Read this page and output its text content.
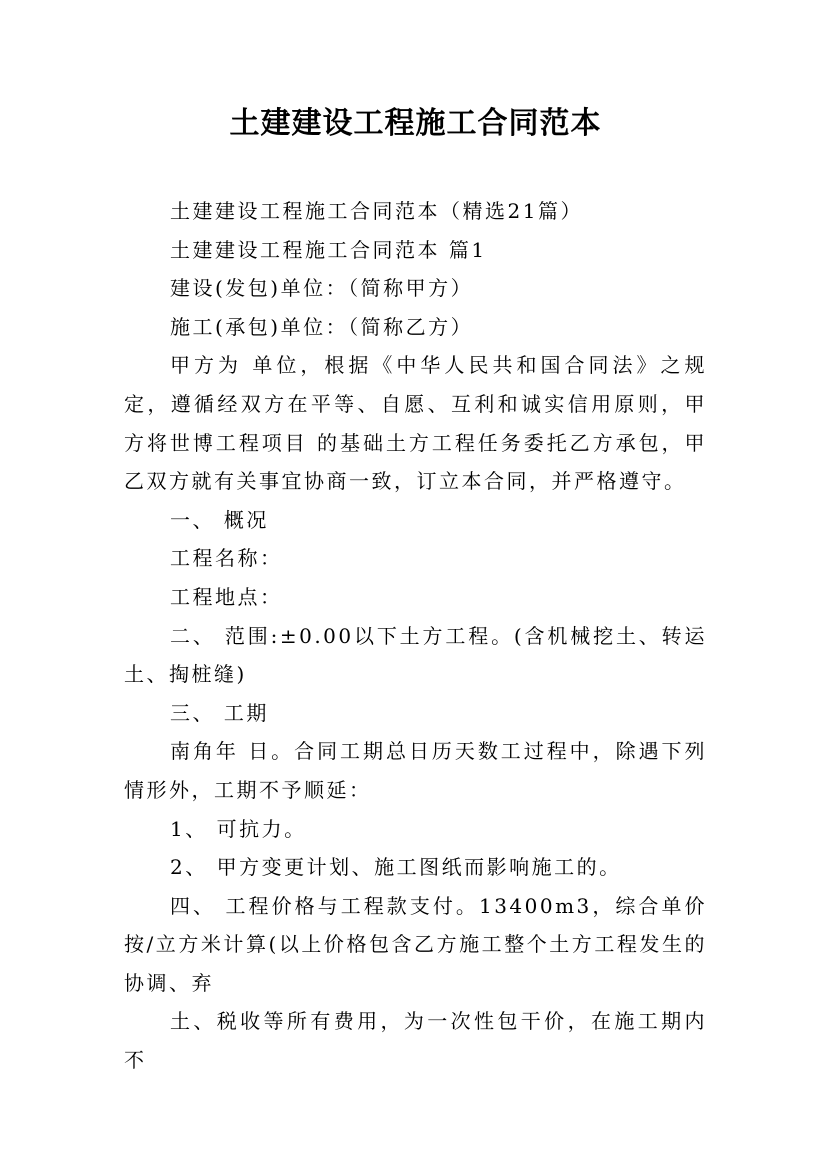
土建建设工程施工合同范本

土建建设工程施工合同范本（精选21篇）

土建建设工程施工合同范本 篇1

建设(发包)单位：（简称甲方）

施工(承包)单位：（简称乙方）

甲方为 单位，根据《中华人民共和国合同法》之规定，遵循经双方在平等、自愿、互利和诚实信用原则，甲方将世博工程项目 的基础土方工程任务委托乙方承包，甲乙双方就有关事宜协商一致，订立本合同，并严格遵守。

一、 概况

工程名称：

工程地点：

二、 范围:±0.00以下土方工程。(含机械挖土、转运土、掏桩缝)

三、 工期

南角年 日。合同工期总日历天数工过程中，除遇下列情形外，工期不予顺延：

1、 可抗力。

2、 甲方变更计划、施工图纸而影响施工的。

四、 工程价格与工程款支付。13400m3，综合单价按/立方米计算(以上价格包含乙方施工整个土方工程发生的协调、弃

土、税收等所有费用，为一次性包干价，在施工期内不
